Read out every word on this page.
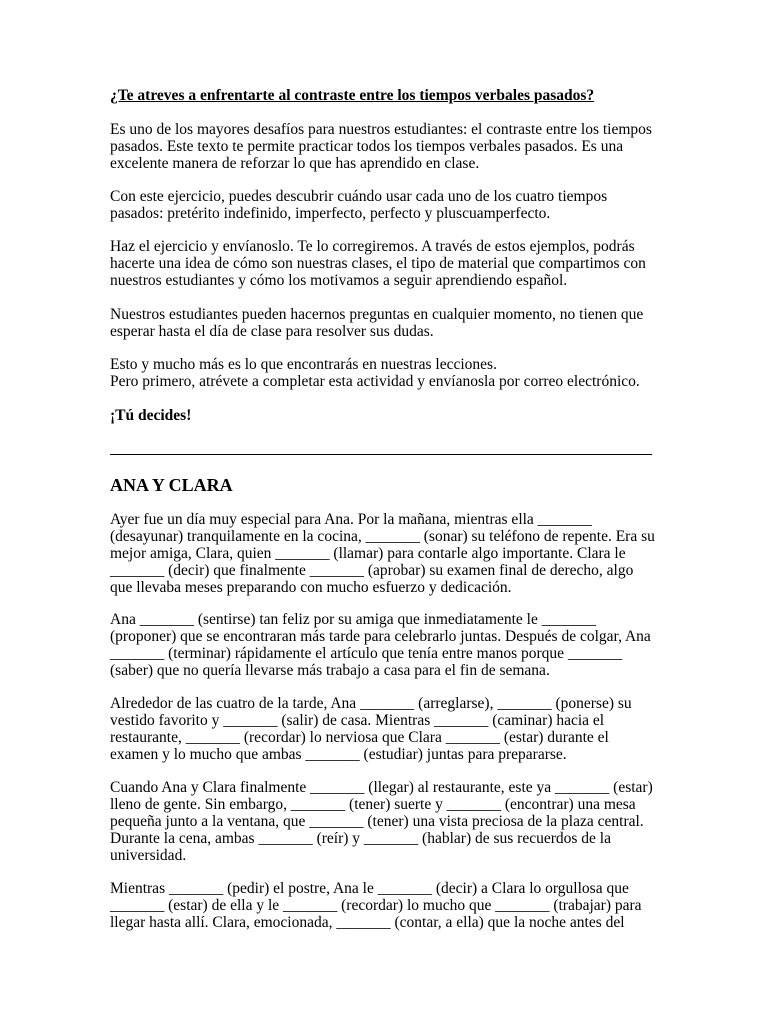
¿Te atreves a enfrentarte al contraste entre los tiempos verbales pasados?
Es uno de los mayores desafíos para nuestros estudiantes: el contraste entre los tiempos
pasados. Este texto te permite practicar todos los tiempos verbales pasados. Es una
excelente manera de reforzar lo que has aprendido en clase.
Con este ejercicio, puedes descubrir cuándo usar cada uno de los cuatro tiempos
pasados: pretérito indefinido, imperfecto, perfecto y pluscuamperfecto.
Haz el ejercicio y envíanoslo. Te lo corregiremos. A través de estos ejemplos, podrás
hacerte una idea de cómo son nuestras clases, el tipo de material que compartimos con
nuestros estudiantes y cómo los motivamos a seguir aprendiendo español.
Nuestros estudiantes pueden hacernos preguntas en cualquier momento, no tienen que
esperar hasta el día de clase para resolver sus dudas.
Esto y mucho más es lo que encontrarás en nuestras lecciones.
Pero primero, atrévete a completar esta actividad y envíanosla por correo electrónico.
¡Tú decides!
ANA Y CLARA
Ayer fue un día muy especial para Ana. Por la mañana, mientras ella _______
(desayunar) tranquilamente en la cocina, _______ (sonar) su teléfono de repente. Era su
mejor amiga, Clara, quien _______ (llamar) para contarle algo importante. Clara le
_______ (decir) que finalmente _______ (aprobar) su examen final de derecho, algo
que llevaba meses preparando con mucho esfuerzo y dedicación.
Ana _______ (sentirse) tan feliz por su amiga que inmediatamente le _______
(proponer) que se encontraran más tarde para celebrarlo juntas. Después de colgar, Ana
_______ (terminar) rápidamente el artículo que tenía entre manos porque _______
(saber) que no quería llevarse más trabajo a casa para el fin de semana.
Alrededor de las cuatro de la tarde, Ana _______ (arreglarse), _______ (ponerse) su
vestido favorito y _______ (salir) de casa. Mientras _______ (caminar) hacia el
restaurante, _______ (recordar) lo nerviosa que Clara _______ (estar) durante el
examen y lo mucho que ambas _______ (estudiar) juntas para prepararse.
Cuando Ana y Clara finalmente _______ (llegar) al restaurante, este ya _______ (estar)
lleno de gente. Sin embargo, _______ (tener) suerte y _______ (encontrar) una mesa
pequeña junto a la ventana, que _______ (tener) una vista preciosa de la plaza central.
Durante la cena, ambas _______ (reír) y _______ (hablar) de sus recuerdos de la
universidad.
Mientras _______ (pedir) el postre, Ana le _______ (decir) a Clara lo orgullosa que
_______ (estar) de ella y le _______ (recordar) lo mucho que _______ (trabajar) para
llegar hasta allí. Clara, emocionada, _______ (contar, a ella) que la noche antes del
